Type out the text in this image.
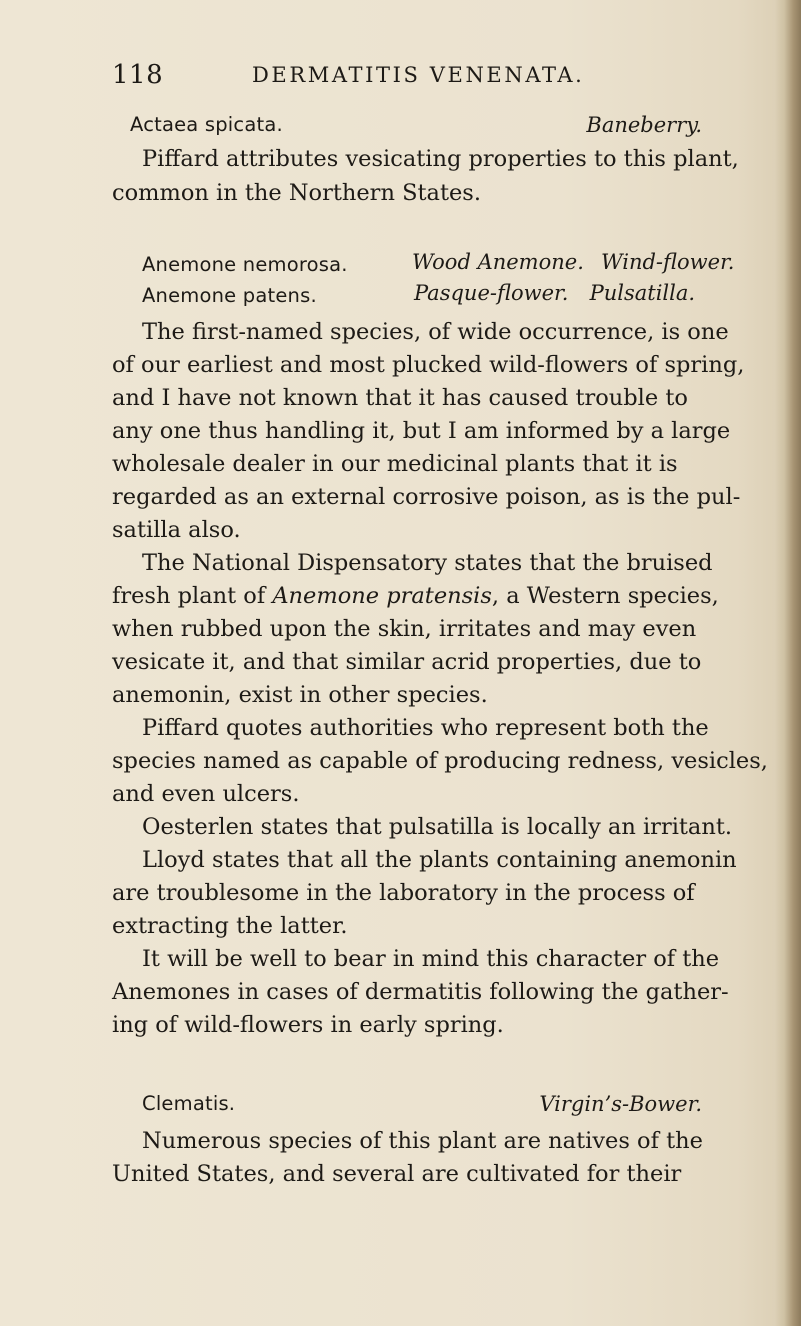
118	DERMATITIS VENENATA.
Actaea spicata.	Baneberry.
Piffard attributes vesicating properties to this plant,
common in the Northern States.
Anemone nemorosa.	Wood Anemone. Wind-flower.
Anemone patens.	Pasque-flower. Pulsatilla.
The first-named species, of wide occurrence, is one
of our earliest and most plucked wild-flowers of spring,
and I have not known that it has caused trouble to
any one thus handling it, but I am informed by a large
wholesale dealer in our medicinal plants that it is
regarded as an external corrosive poison, as is the pul-
satilla also.
The National Dispensatory states that the bruised
fresh plant of Anemone pratensis, a Western species,
when rubbed upon the skin, irritates and may even
vesicate it, and that similar acrid properties, due to
anemonin, exist in other species.
Piffard quotes authorities who represent both the
species named as capable of producing redness, vesicles,
and even ulcers.
Oesterlen states that pulsatilla is locally an irritant.
Lloyd states that all the plants containing anemonin
are troublesome in the laboratory in the process of
extracting the latter.
It will be well to bear in mind this character of the
Anemones in cases of dermatitis following the gather-
ing of wild-flowers in early spring.
Clematis.	Virgin’s-Bower.
Numerous species of this plant are natives of the
United States, and several are cultivated for their
